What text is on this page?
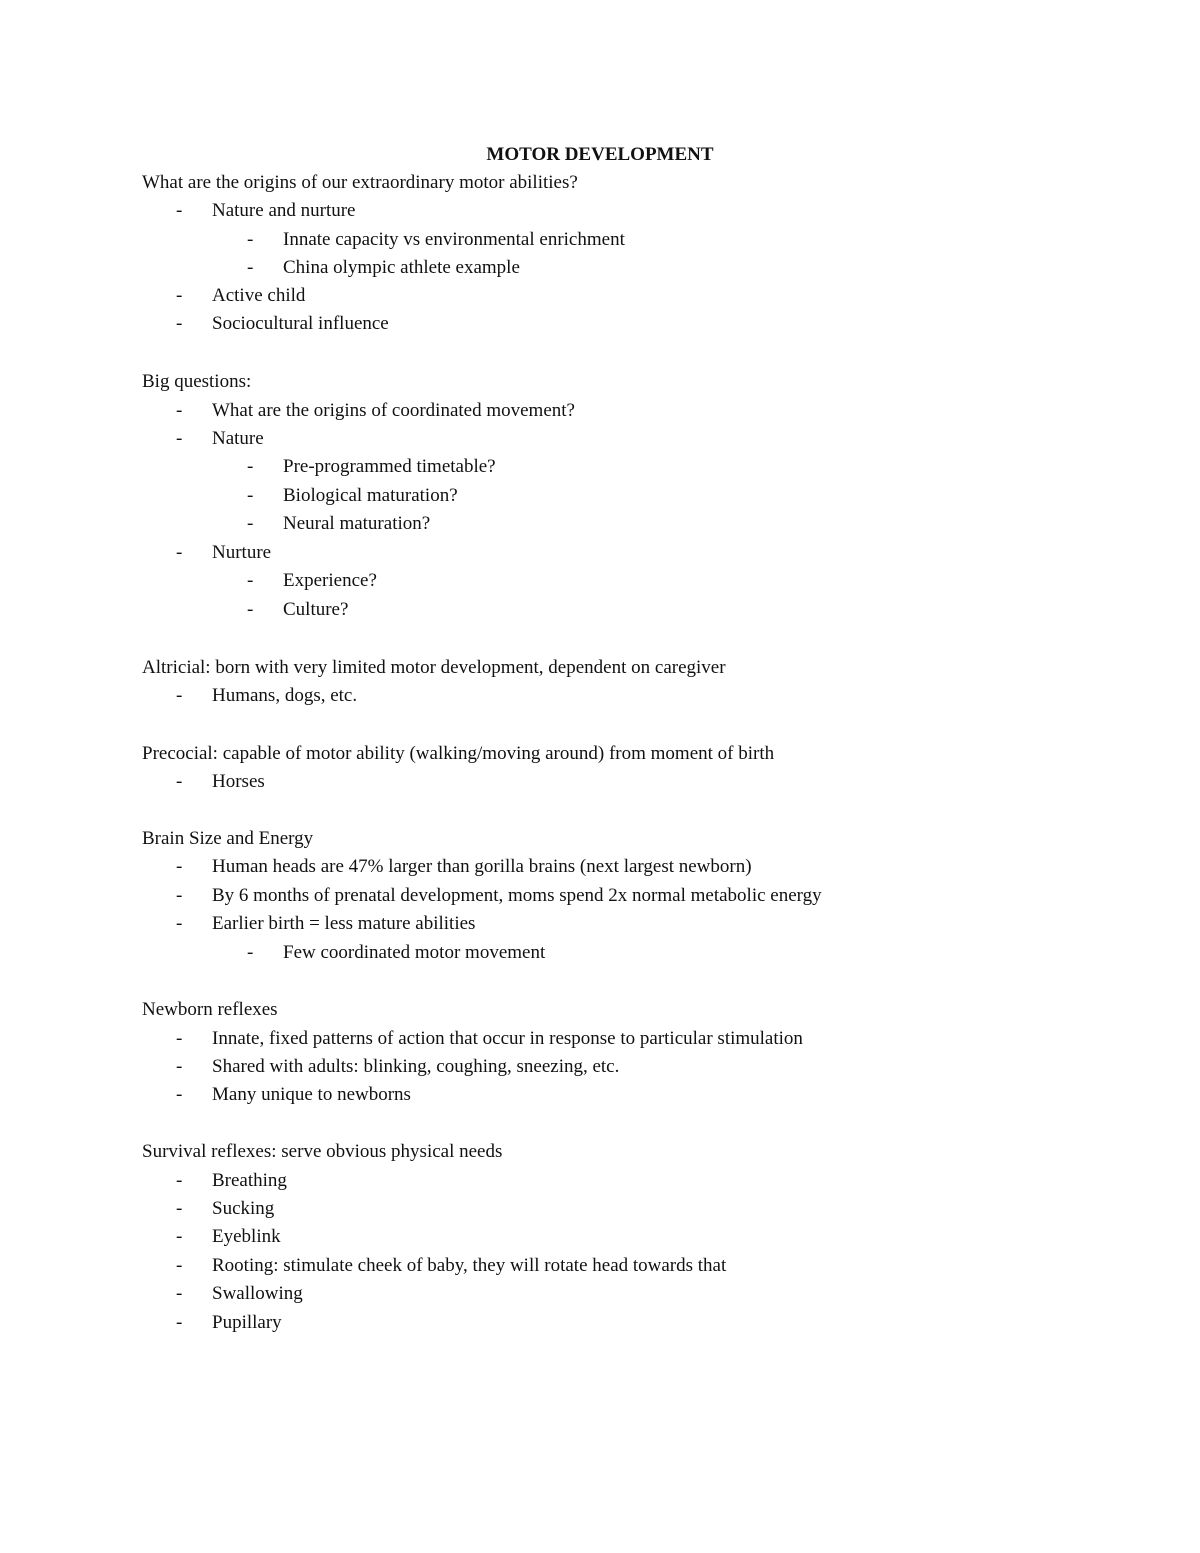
MOTOR DEVELOPMENT
What are the origins of our extraordinary motor abilities?
- Nature and nurture
- Innate capacity vs environmental enrichment
- China olympic athlete example
- Active child
- Sociocultural influence
Big questions:
- What are the origins of coordinated movement?
- Nature
- Pre-programmed timetable?
- Biological maturation?
- Neural maturation?
- Nurture
- Experience?
- Culture?
Altricial: born with very limited motor development, dependent on caregiver
- Humans, dogs, etc.
Precocial: capable of motor ability (walking/moving around) from moment of birth
- Horses
Brain Size and Energy
- Human heads are 47% larger than gorilla brains (next largest newborn)
- By 6 months of prenatal development, moms spend 2x normal metabolic energy
- Earlier birth = less mature abilities
- Few coordinated motor movement
Newborn reflexes
- Innate, fixed patterns of action that occur in response to particular stimulation
- Shared with adults: blinking, coughing, sneezing, etc.
- Many unique to newborns
Survival reflexes: serve obvious physical needs
- Breathing
- Sucking
- Eyeblink
- Rooting: stimulate cheek of baby, they will rotate head towards that
- Swallowing
- Pupillary
